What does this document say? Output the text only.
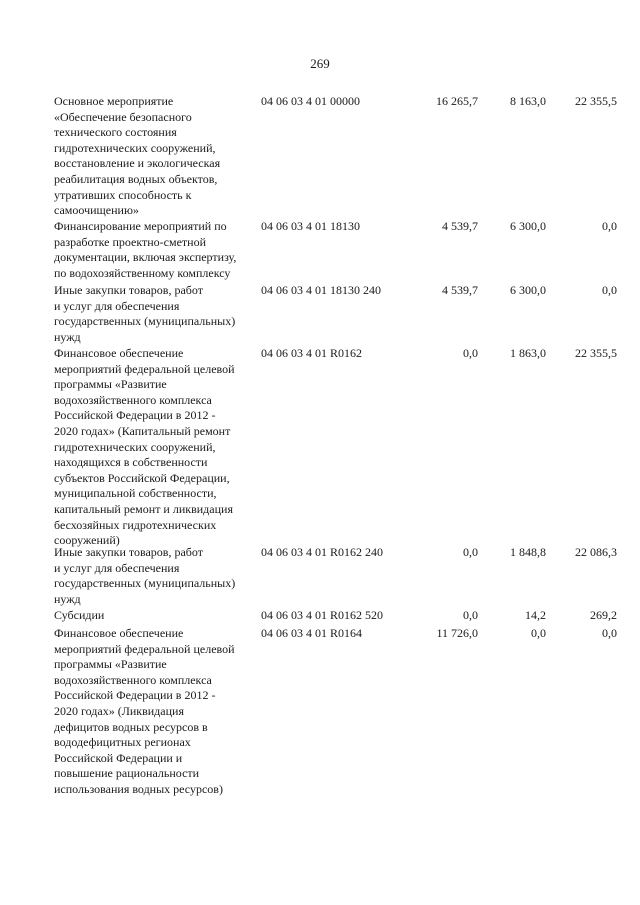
269
Основное мероприятие
«Обеспечение безопасного
технического состояния
гидротехнических сооружений,
восстановление и экологическая
реабилитация водных объектов,
утративших способность к
самоочищению»
04 06 03 4 01 00000	16 265,7	8 163,0	22 355,5
Финансирование мероприятий по
разработке проектно-сметной
документации, включая экспертизу,
по водохозяйственному комплексу
04 06 03 4 01 18130	4 539,7	6 300,0	0,0
Иные закупки товаров, работ
и услуг для обеспечения
государственных (муниципальных)
нужд
04 06 03 4 01 18130 240	4 539,7	6 300,0	0,0
Финансовое обеспечение
мероприятий федеральной целевой
программы «Развитие
водохозяйственного комплекса
Российской Федерации в 2012 -
2020 годах» (Капитальный ремонт
гидротехнических сооружений,
находящихся в собственности
субъектов Российской Федерации,
муниципальной собственности,
капитальный ремонт и ликвидация
бесхозяйных гидротехнических
сооружений)
04 06 03 4 01 R0162	0,0	1 863,0	22 355,5
Иные закупки товаров, работ
и услуг для обеспечения
государственных (муниципальных)
нужд
04 06 03 4 01 R0162 240	0,0	1 848,8	22 086,3
Субсидии	04 06 03 4 01 R0162 520	0,0	14,2	269,2
Финансовое обеспечение
мероприятий федеральной целевой
программы «Развитие
водохозяйственного комплекса
Российской Федерации в 2012 -
2020 годах» (Ликвидация
дефицитов водных ресурсов в
вододефицитных регионах
Российской Федерации и
повышение рациональности
использования водных ресурсов)
04 06 03 4 01 R0164	11 726,0	0,0	0,0
